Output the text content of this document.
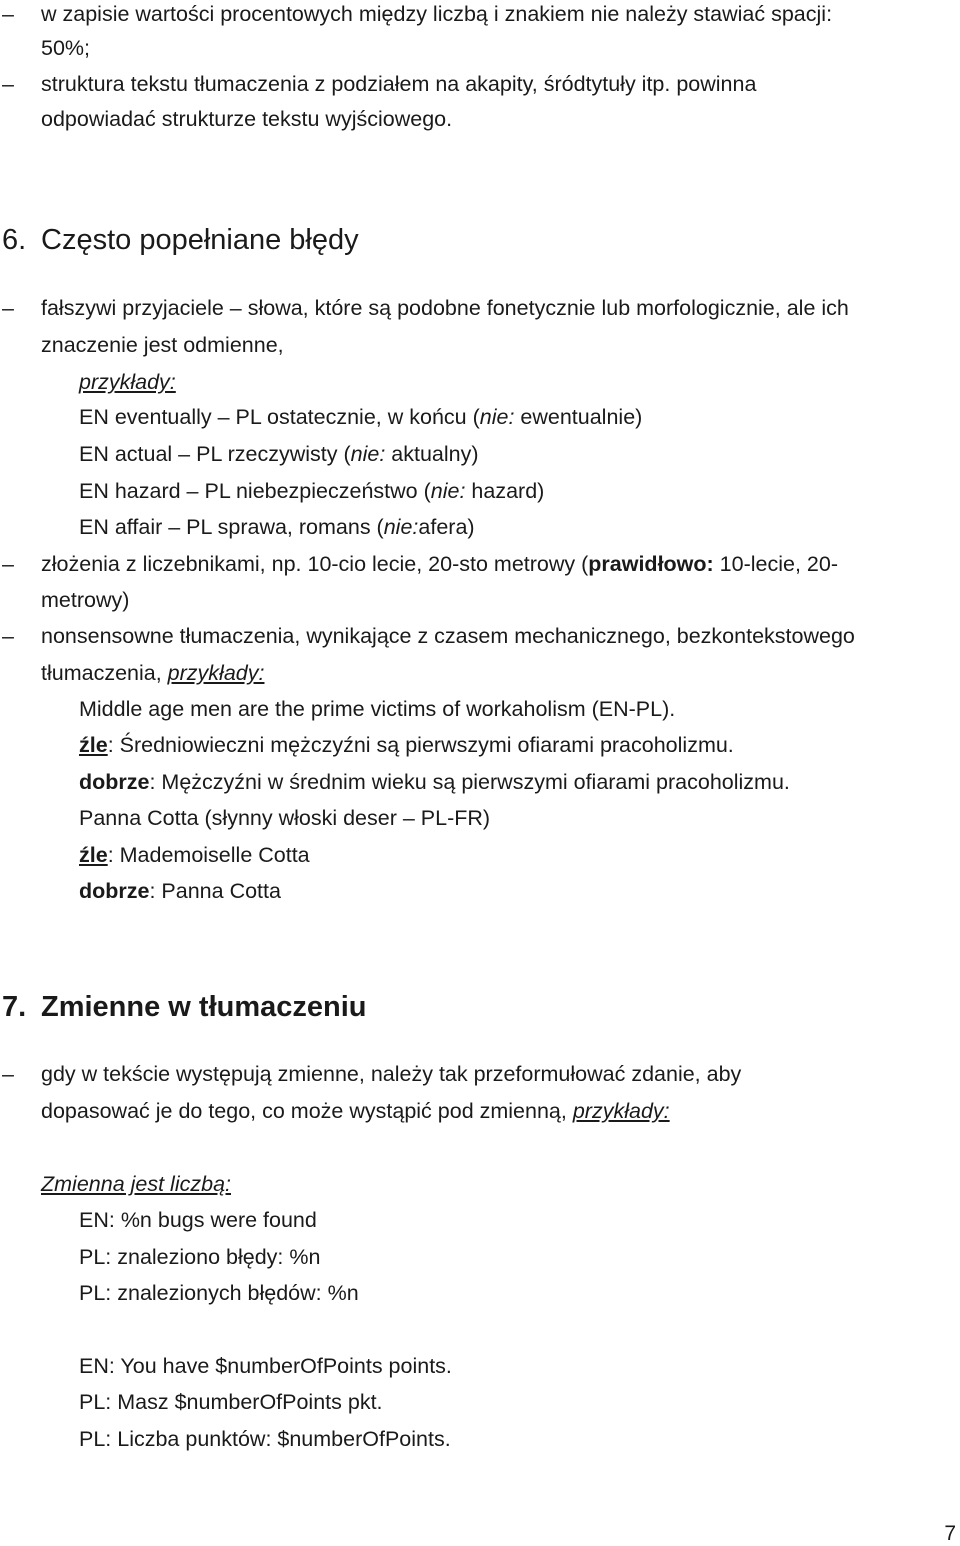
– w zapisie wartości procentowych między liczbą i znakiem nie należy stawiać spacji:
50%;
– struktura tekstu tłumaczenia z podziałem na akapity, śródtytuły itp. powinna
odpowiadać strukturze tekstu wyjściowego.
6. Często popełniane błędy
– fałszywi przyjaciele – słowa, które są podobne fonetycznie lub morfologicznie, ale ich
znaczenie jest odmienne,
przykłady:
EN eventually – PL ostatecznie, w końcu (nie: ewentualnie)
EN actual – PL rzeczywisty (nie: aktualny)
EN hazard – PL niebezpieczeństwo (nie: hazard)
EN affair – PL sprawa, romans (nie:afera)
– złożenia z liczebnikami, np. 10-cio lecie, 20-sto metrowy (prawidłowo: 10-lecie, 20-
metrowy)
– nonsensowne tłumaczenia, wynikające z czasem mechanicznego, bezkontekstowego
tłumaczenia, przykłady:
Middle age men are the prime victims of workaholism (EN-PL).
źle: Średniowieczni mężczyźni są pierwszymi ofiarami pracoholizmu.
dobrze: Mężczyźni w średnim wieku są pierwszymi ofiarami pracoholizmu.
Panna Cotta (słynny włoski deser – PL-FR)
źle: Mademoiselle Cotta
dobrze: Panna Cotta
7. Zmienne w tłumaczeniu
– gdy w tekście występują zmienne, należy tak przeformułować zdanie, aby
dopasować je do tego, co może wystąpić pod zmienną, przykłady:
Zmienna jest liczbą:
EN: %n bugs were found
PL: znaleziono błędy: %n
PL: znalezionych błędów: %n
EN: You have $numberOfPoints points.
PL: Masz $numberOfPoints pkt.
PL: Liczba punktów: $numberOfPoints.
7
